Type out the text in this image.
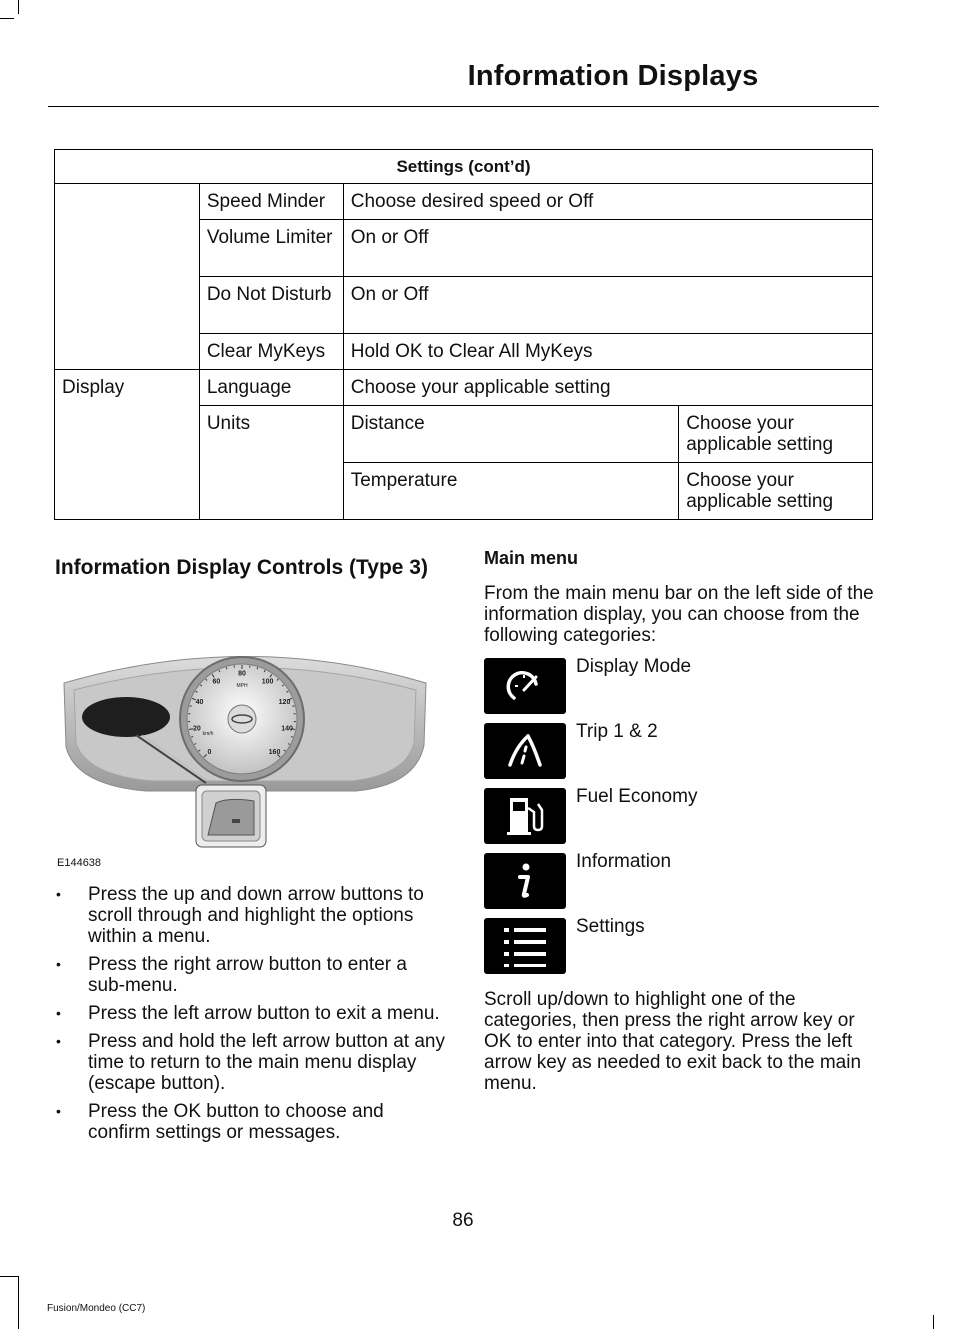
Information Displays
Settings (cont’d)			
	Speed Minder	Choose desired speed or Off	
	Volume Limiter	On or Off	
	Do Not Disturb	On or Off	
	Clear MyKeys	Hold OK to Clear All MyKeys	
Display	Language	Choose your applicable setting	
	Units	Distance	Choose your applicable setting
		Temperature	Choose your applicable setting
Information Display Controls (Type 3)
0
20
40
60
80
100
120
140
160
MPH
km/h
E144638
• Press the up and down arrow buttons to scroll through and highlight the options within a menu.
• Press the right arrow button to enter a sub-menu.
• Press the left arrow button to exit a menu.
• Press and hold the left arrow button at any time to return to the main menu display (escape button).
• Press the OK button to choose and confirm settings or messages.
Main menu
From the main menu bar on the left side of the information display, you can choose from the following categories:
Display Mode
Trip 1 & 2
Fuel Economy
Information
Settings
Scroll up/down to highlight one of the categories, then press the right arrow key or OK to enter into that category. Press the left arrow key as needed to exit back to the main menu.
86
Fusion/Mondeo (CC7)
